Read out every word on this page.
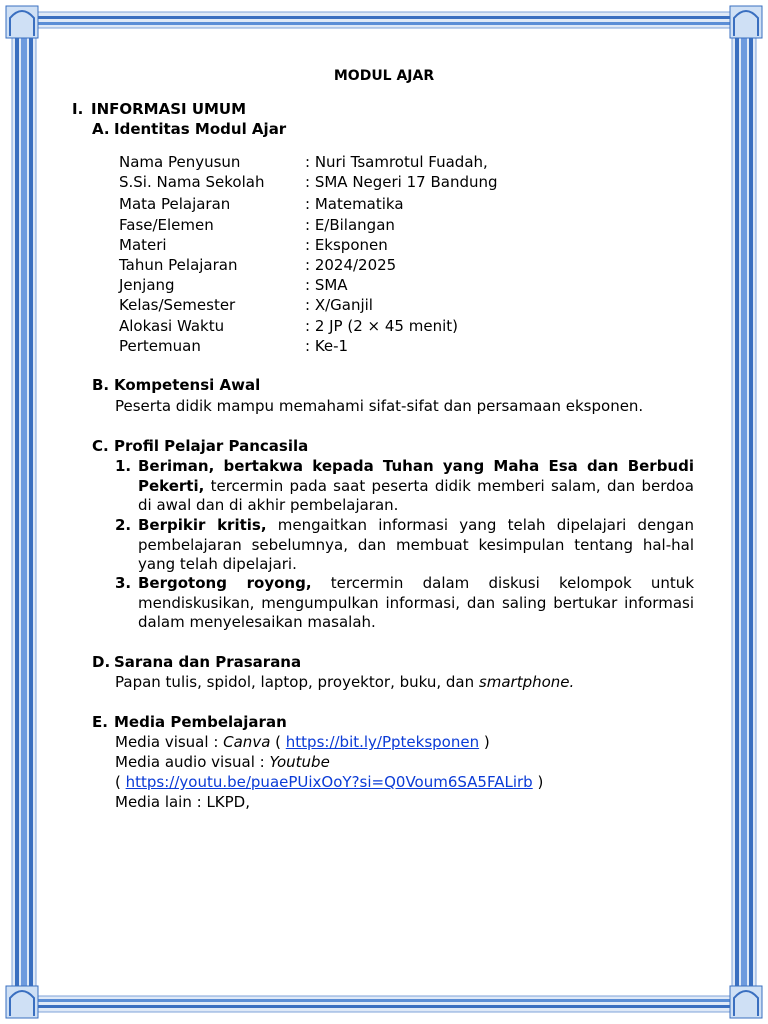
MODUL AJAR
I. INFORMASI UMUM
A. Identitas Modul Ajar
Nama Penyusun	: Nuri Tsamrotul Fuadah,
S.Si. Nama Sekolah	: SMA Negeri 17 Bandung
Mata Pelajaran	: Matematika
Fase/Elemen	: E/Bilangan
Materi	: Eksponen
Tahun Pelajaran	: 2024/2025
Jenjang	: SMA
Kelas/Semester	: X/Ganjil
Alokasi Waktu	: 2 JP (2 × 45 menit)
Pertemuan	: Ke-1
B. Kompetensi Awal
Peserta didik mampu memahami sifat-sifat dan persamaan eksponen.
C. Profil Pelajar Pancasila
1. Beriman, bertakwa kepada Tuhan yang Maha Esa dan Berbudi Pekerti, tercermin pada saat peserta didik memberi salam, dan berdoa di awal dan di akhir pembelajaran.
2. Berpikir kritis, mengaitkan informasi yang telah dipelajari dengan pembelajaran sebelumnya, dan membuat kesimpulan tentang hal-hal yang telah dipelajari.
3. Bergotong royong, tercermin dalam diskusi kelompok untuk mendiskusikan, mengumpulkan informasi, dan saling bertukar informasi dalam menyelesaikan masalah.
D. Sarana dan Prasarana
Papan tulis, spidol, laptop, proyektor, buku, dan smartphone.
E. Media Pembelajaran
Media visual : Canva ( https://bit.ly/Ppteksponen )
Media audio visual : Youtube
( https://youtu.be/puaePUixOoY?si=Q0Voum6SA5FALirb )
Media lain : LKPD,
